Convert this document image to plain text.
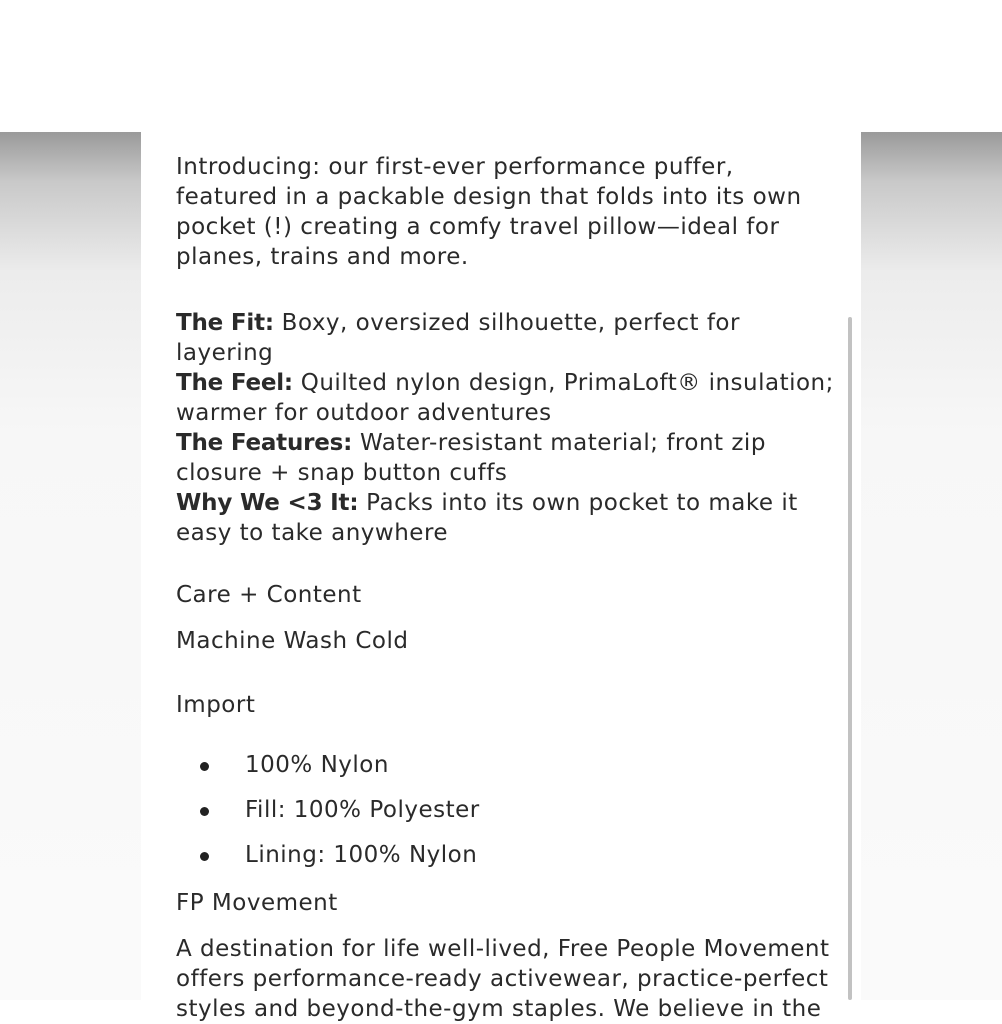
Introducing: our first-ever performance puffer, featured in a packable design that folds into its own pocket (!) creating a comfy travel pillow—ideal for planes, trains and more.

The Fit: Boxy, oversized silhouette, perfect for layering

The Feel: Quilted nylon design, PrimaLoft® insulation; warmer for outdoor adventures

The Features: Water-resistant material; front zip closure + snap button cuffs

Why We <3 It: Packs into its own pocket to make it easy to take anywhere

Care + Content

Machine Wash Cold

Import

100% Nylon
Fill: 100% Polyester
Lining: 100% Nylon

FP Movement

A destination for life well-lived, Free People Movement offers performance-ready activewear, practice-perfect styles and beyond-the-gym staples. We believe in the
